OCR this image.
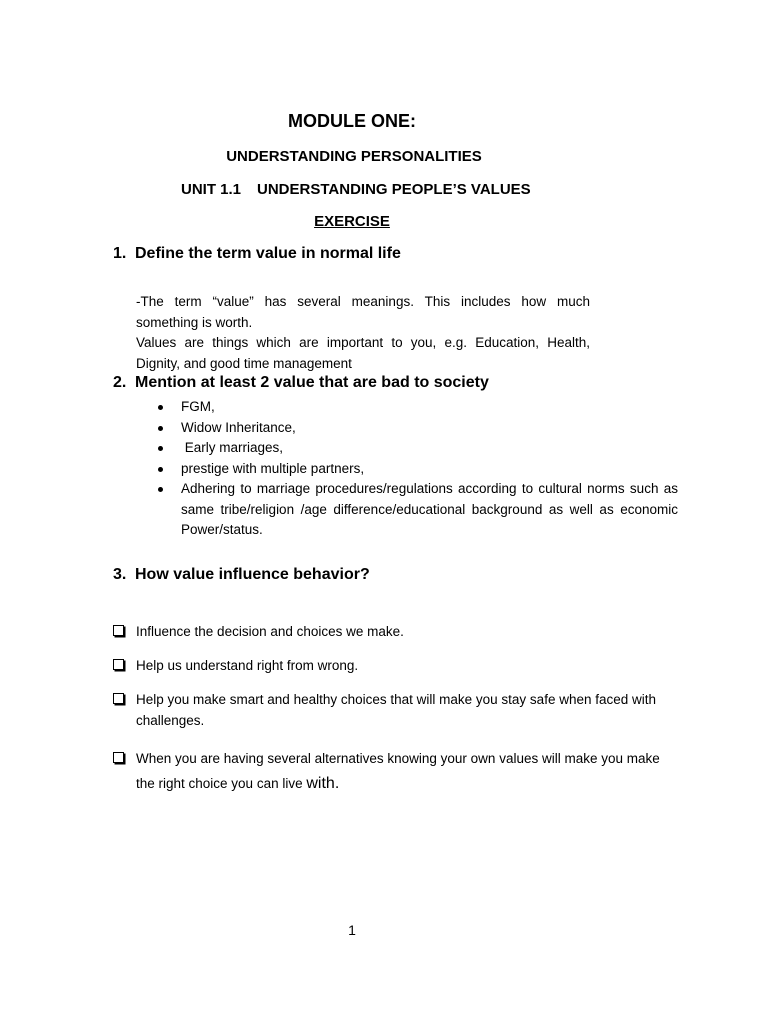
MODULE ONE:
UNDERSTANDING PERSONALITIES
UNIT 1.1 UNDERSTANDING PEOPLE’S VALUES
EXERCISE
1. Define the term value in normal life
-The term “value” has several meanings. This includes how much something is worth.
Values are things which are important to you, e.g. Education, Health, Dignity, and good time management
2. Mention at least 2 value that are bad to society
FGM,
Widow Inheritance,
Early marriages,
prestige with multiple partners,
Adhering to marriage procedures/regulations according to cultural norms such as same tribe/religion /age difference/educational background as well as economic Power/status.
3. How value influence behavior?
Influence the decision and choices we make.
Help us understand right from wrong.
Help you make smart and healthy choices that will make you stay safe when faced with challenges.
When you are having several alternatives knowing your own values will make you make the right choice you can live with.
1
